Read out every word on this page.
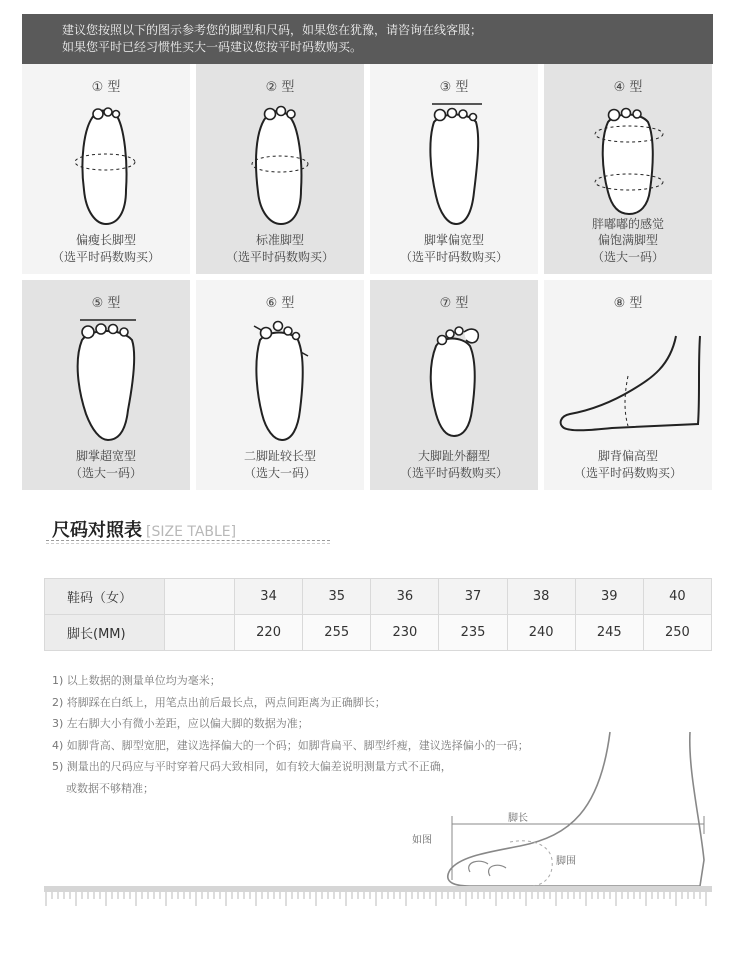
建议您按照以下的图示参考您的脚型和尺码，如果您在犹豫，请咨询在线客服；
如果您平时已经习惯性买大一码建议您按平时码数购买。
① 型
偏瘦长脚型
（选平时码数购买）
② 型
标准脚型
（选平时码数购买）
③ 型
脚掌偏宽型
（选平时码数购买）
④ 型
胖嘟嘟的感觉
偏饱满脚型
（选大一码）
⑤ 型
脚掌超宽型
（选大一码）
⑥ 型
二脚趾较长型
（选大一码）
⑦ 型
大脚趾外翻型
（选平时码数购买）
⑧ 型
脚背偏高型
（选平时码数购买）
尺码对照表 [SIZE TABLE]
鞋码（女）		34	35	36	37	38	39	40
脚长(MM)		220	255	230	235	240	245	250
1) 以上数据的测量单位均为毫米；
2) 将脚踩在白纸上，用笔点出前后最长点，两点间距离为正确脚长；
3) 左右脚大小有微小差距，应以偏大脚的数据为准；
4) 如脚背高、脚型宽肥，建议选择偏大的一个码；如脚背扁平、脚型纤瘦，建议选择偏小的一码；
5) 测量出的尺码应与平时穿着尺码大致相同，如有较大偏差说明测量方式不正确，
或数据不够精准；
脚长
如图
脚围
